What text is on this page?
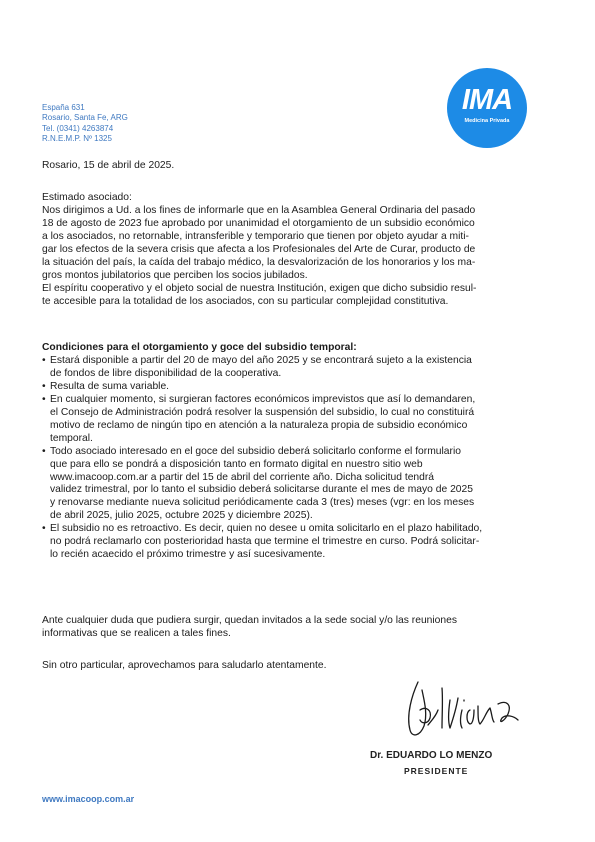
España 631
Rosario, Santa Fe, ARG
Tel. (0341) 4263874
R.N.E.M.P. Nº 1325
IMA
Medicina Privada
Rosario, 15 de abril de 2025.

Estimado asociado:

Nos dirigimos a Ud. a los fines de informarle que en la Asamblea General Ordinaria del pasado
18 de agosto de 2023 fue aprobado por unanimidad el otorgamiento de un subsidio económico
a los asociados, no retornable, intransferible y temporario que tienen por objeto ayudar a miti-
gar los efectos de la severa crisis que afecta a los Profesionales del Arte de Curar, producto de
la situación del país, la caída del trabajo médico, la desvalorización de los honorarios y los ma-
gros montos jubilatorios que perciben los socios jubilados.
El espíritu cooperativo y el objeto social de nuestra Institución, exigen que dicho subsidio resul-
te accesible para la totalidad de los asociados, con su particular complejidad constitutiva.
Condiciones para el otorgamiento y goce del subsidio temporal:
• Estará disponible a partir del 20 de mayo del año 2025 y se encontrará sujeto a la existencia
de fondos de libre disponibilidad de la cooperativa.
• Resulta de suma variable.
• En cualquier momento, si surgieran factores económicos imprevistos que así lo demandaren,
el Consejo de Administración podrá resolver la suspensión del subsidio, lo cual no constituirá
motivo de reclamo de ningún tipo en atención a la naturaleza propia de subsidio económico
temporal.
• Todo asociado interesado en el goce del subsidio deberá solicitarlo conforme el formulario
que para ello se pondrá a disposición tanto en formato digital en nuestro sitio web
www.imacoop.com.ar a partir del 15 de abril del corriente año. Dicha solicitud tendrá
validez trimestral, por lo tanto el subsidio deberá solicitarse durante el mes de mayo de 2025
y renovarse mediante nueva solicitud periódicamente cada 3 (tres) meses (vgr: en los meses
de abril 2025, julio 2025, octubre 2025 y diciembre 2025).
• El subsidio no es retroactivo. Es decir, quien no desee u omita solicitarlo en el plazo habilitado,
no podrá reclamarlo con posterioridad hasta que termine el trimestre en curso. Podrá solicitar-
lo recién acaecido el próximo trimestre y así sucesivamente.
Ante cualquier duda que pudiera surgir, quedan invitados a la sede social y/o las reuniones
informativas que se realicen a tales fines.
Sin otro particular, aprovechamos para saludarlo atentamente.
Dr. EDUARDO LO MENZO
PRESIDENTE
www.imacoop.com.ar
